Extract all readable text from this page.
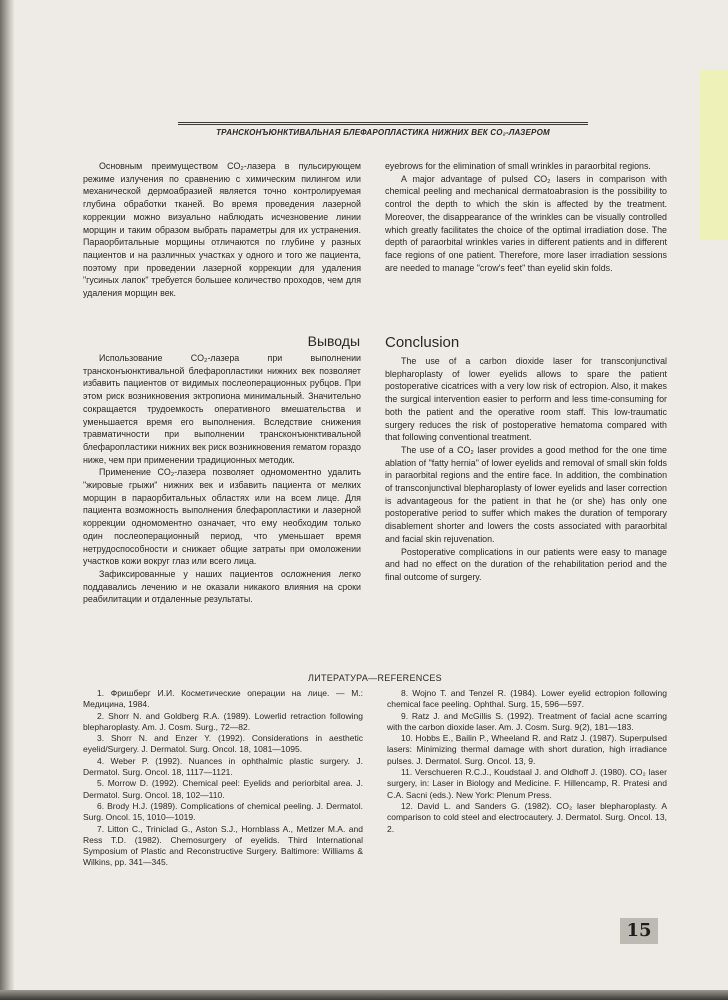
ТРАНСКОНЪЮНКТИВАЛЬНАЯ БЛЕФАРОПЛАСТИКА НИЖНИХ ВЕК CO₂-ЛАЗЕРОМ

Основным преимуществом CO₂-лазера в пульсирующем режиме излучения по сравнению с химическим пилингом или механической дермоабразией является точно контролируемая глубина обработки тканей. Во время проведения лазерной коррекции можно визуально наблюдать исчезновение линии морщин и таким образом выбрать параметры для их устранения. Параорбитальные морщины отличаются по глубине у разных пациентов и на различных участках у одного и того же пациента, поэтому при проведении лазерной коррекции для удаления "гусиных лапок" требуется большее количество проходов, чем для удаления морщин век.

Выводы

Использование CO₂-лазера при выполнении трансконъюнктивальной блефаропластики нижних век позволяет избавить пациентов от видимых послеоперационных рубцов. При этом риск возникновения эктропиона минимальный. Значительно сокращается трудоемкость оперативного вмешательства и уменьшается время его выполнения. Вследствие снижения травматичности при выполнении трансконъюнктивальной блефаропластики нижних век риск возникновения гематом гораздо ниже, чем при применении традиционных методик.

Применение CO₂-лазера позволяет одномоментно удалить "жировые грыжи" нижних век и избавить пациента от мелких морщин в параорбитальных областях или на всем лице. Для пациента возможность выполнения блефаропластики и лазерной коррекции одномоментно означает, что ему необходим только один послеоперационный период, что уменьшает время нетрудоспособности и снижает общие затраты при омоложении участков кожи вокруг глаз или всего лица.

Зафиксированные у наших пациентов осложнения легко поддавались лечению и не оказали никакого влияния на сроки реабилитации и отдаленные результаты.

eyebrows for the elimination of small wrinkles in paraorbital regions.

A major advantage of pulsed CO₂ lasers in comparison with chemical peeling and mechanical dermatoabrasion is the possibility to control the depth to which the skin is affected by the treatment. Moreover, the disappearance of the wrinkles can be visually controlled which greatly facilitates the choice of the optimal irradiation dose. The depth of paraorbital wrinkles varies in different patients and in different face regions of one patient. Therefore, more laser irradiation sessions are needed to manage "crow's feet" than eyelid skin folds.

Conclusion

The use of a carbon dioxide laser for transconjunctival blepharoplasty of lower eyelids allows to spare the patient postoperative cicatrices with a very low risk of ectropion. Also, it makes the surgical intervention easier to perform and less time-consuming for both the patient and the operative room staff. This low-traumatic surgery reduces the risk of postoperative hematoma compared with that following conventional treatment.

The use of a CO₂ laser provides a good method for the one time ablation of "fatty hernia" of lower eyelids and removal of small skin folds in paraorbital regions and the entire face. In addition, the combination of transconjunctival blepharoplasty of lower eyelids and laser correction is advantageous for the patient in that he (or she) has only one postoperative period to suffer which makes the duration of temporary disablement shorter and lowers the costs associated with paraorbital and facial skin rejuvenation.

Postoperative complications in our patients were easy to manage and had no effect on the duration of the rehabilitation period and the final outcome of surgery.

ЛИТЕРАТУРА—REFERENCES

1. Фришберг И.И. Косметические операции на лице. — М.: Медицина, 1984.

2. Shorr N. and Goldberg R.A. (1989). Lowerlid retraction following blepharoplasty. Am. J. Cosm. Surg., 72—82.

3. Shorr N. and Enzer Y. (1992). Considerations in aesthetic eyelid/Surgery. J. Dermatol. Surg. Oncol. 18, 1081—1095.

4. Weber P. (1992). Nuances in ophthalmic plastic surgery. J. Dermatol. Surg. Oncol. 18, 1117—1121.

5. Morrow D. (1992). Chemical peel: Eyelids and periorbital area. J. Dermatol. Surg. Oncol. 18, 102—110.

6. Brody H.J. (1989). Complications of chemical peeling. J. Dermatol. Surg. Oncol. 15, 1010—1019.

7. Litton C., Triniclad G., Aston S.J., Hornblass A., Metlzer M.A. and Ress T.D. (1982). Chemosurgery of eyelids. Third International Symposium of Plastic and Reconstructive Surgery. Baltimore: Williams & Wilkins, pp. 341—345.

8. Wojno T. and Tenzel R. (1984). Lower eyelid ectropion following chemical face peeling. Ophthal. Surg. 15, 596—597.

9. Ratz J. and McGillis S. (1992). Treatment of facial acne scarring with the carbon dioxide laser. Am. J. Cosm. Surg. 9(2), 181—183.

10. Hobbs E., Bailin P., Wheeland R. and Ratz J. (1987). Superpulsed lasers: Minimizing thermal damage with short duration, high irradiance pulses. J. Dermatol. Surg. Oncol. 13, 9.

11. Verschueren R.C.J., Koudstaal J. and Oldhoff J. (1980). CO₂ laser surgery, in: Laser in Biology and Medicine. F. Hillencamp, R. Pratesi and C.A. Sacni (eds.). New York: Plenum Press.

12. David L. and Sanders G. (1982). CO₂ laser blepharoplasty. A comparison to cold steel and electrocautery. J. Dermatol. Surg. Oncol. 13, 2.

15
